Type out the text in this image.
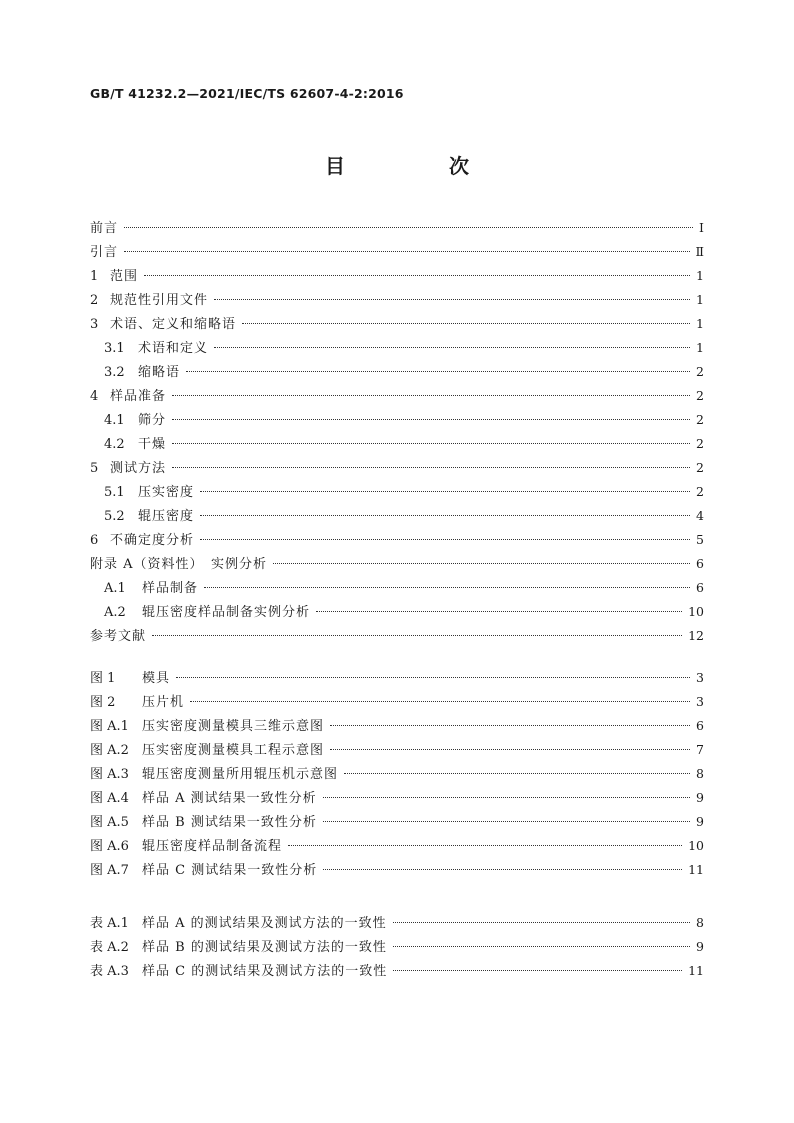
GB/T 41232.2—2021/IEC/TS 62607-4-2:2016
目　次
前言	Ⅰ
引言	Ⅱ
1 范围	1
2 规范性引用文件	1
3 术语、定义和缩略语	1
3.1	术语和定义	1
3.2	缩略语	2
4 样品准备	2
4.1	筛分	2
4.2	干燥	2
5 测试方法	2
5.1	压实密度	2
5.2	辊压密度	4
6 不确定度分析	5
附录 A（资料性）　实例分析	6
A.1	样品制备	6
A.2	辊压密度样品制备实例分析	10
参考文献	12
图 1	模具	3
图 2	压片机	3
图 A.1	压实密度测量模具三维示意图	6
图 A.2	压实密度测量模具工程示意图	7
图 A.3	辊压密度测量所用辊压机示意图	8
图 A.4	样品 A 测试结果一致性分析	9
图 A.5	样品 B 测试结果一致性分析	9
图 A.6	辊压密度样品制备流程	10
图 A.7	样品 C 测试结果一致性分析	11
表 A.1	样品 A 的测试结果及测试方法的一致性	8
表 A.2	样品 B 的测试结果及测试方法的一致性	9
表 A.3	样品 C 的测试结果及测试方法的一致性	11
